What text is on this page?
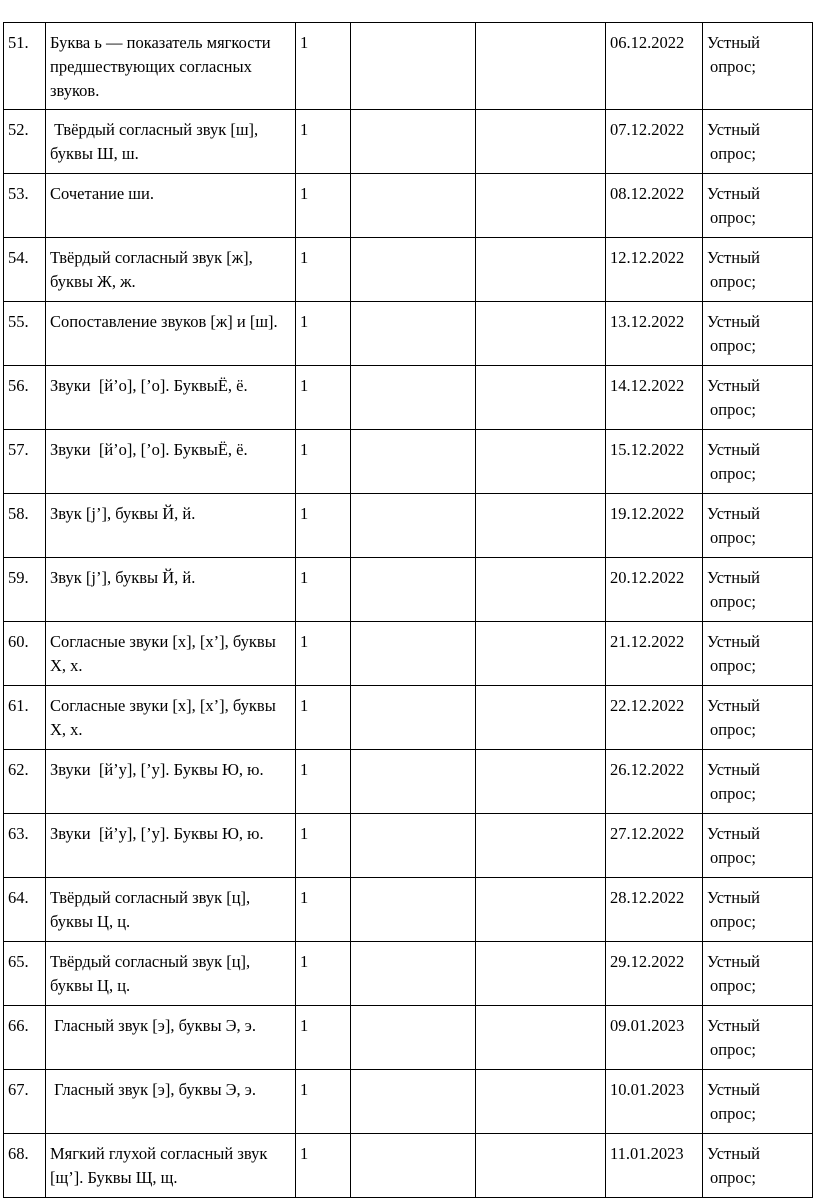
51.	Буква ь — показатель мягкости предшествующих согласных звуков.	1			06.12.2022	Устный
опрос;

52.	Твёрдый согласный звук [ш], буквы Ш, ш.	1			07.12.2022	Устный
опрос;

53.	Сочетание ши.	1			08.12.2022	Устный
опрос;

54.	Твёрдый согласный звук [ж], буквы Ж, ж.	1			12.12.2022	Устный
опрос;

55.	Сопоставление звуков [ж] и [ш].	1			13.12.2022	Устный
опрос;

56.	Звуки  [й’о], [’о]. БуквыЁ, ё.	1			14.12.2022	Устный
опрос;

57.	Звуки  [й’о], [’о]. БуквыЁ, ё.	1			15.12.2022	Устный
опрос;

58.	Звук [j’], буквы Й, й.	1			19.12.2022	Устный
опрос;

59.	Звук [j’], буквы Й, й.	1			20.12.2022	Устный
опрос;

60.	Согласные звуки [х], [х’], буквы Х, х.	1			21.12.2022	Устный
опрос;

61.	Согласные звуки [х], [х’], буквы Х, х.	1			22.12.2022	Устный
опрос;

62.	Звуки  [й’у], [’у]. Буквы Ю, ю.	1			26.12.2022	Устный
опрос;

63.	Звуки  [й’у], [’у]. Буквы Ю, ю.	1			27.12.2022	Устный
опрос;

64.	Твёрдый согласный звук [ц], буквы Ц, ц.	1			28.12.2022	Устный
опрос;

65.	Твёрдый согласный звук [ц], буквы Ц, ц.	1			29.12.2022	Устный
опрос;

66.	Гласный звук [э], буквы Э, э.	1			09.01.2023	Устный
опрос;

67.	Гласный звук [э], буквы Э, э.	1			10.01.2023	Устный
опрос;

68.	Мягкий глухой согласный звук [щ’]. Буквы Щ, щ.	1			11.01.2023	Устный
опрос;
